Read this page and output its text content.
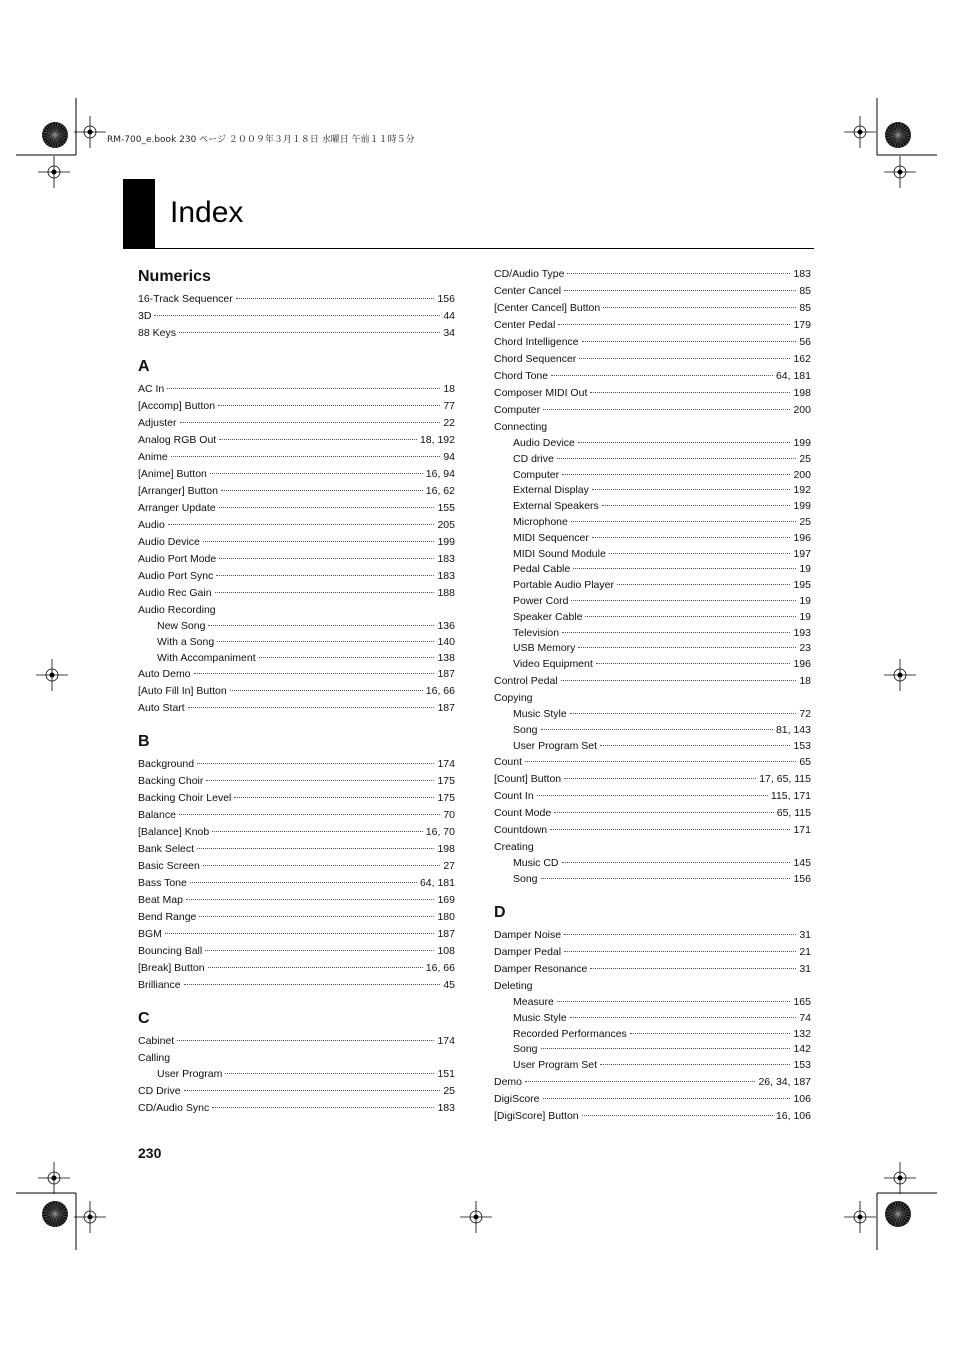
RM-700_e.book 230 ページ ２００９年３月１８日 水曜日 午前１１時５分
Index
Numerics
16-Track Sequencer	156
3D	44
88 Keys	34
A
AC In	18
[Accomp] Button	77
Adjuster	22
Analog RGB Out	18, 192
Anime	94
[Anime] Button	16, 94
[Arranger] Button	16, 62
Arranger Update	155
Audio	205
Audio Device	199
Audio Port Mode	183
Audio Port Sync	183
Audio Rec Gain	188
Audio Recording
New Song	136
With a Song	140
With Accompaniment	138
Auto Demo	187
[Auto Fill In] Button	16, 66
Auto Start	187
B
Background	174
Backing Choir	175
Backing Choir Level	175
Balance	70
[Balance] Knob	16, 70
Bank Select	198
Basic Screen	27
Bass Tone	64, 181
Beat Map	169
Bend Range	180
BGM	187
Bouncing Ball	108
[Break] Button	16, 66
Brilliance	45
C
Cabinet	174
Calling
User Program	151
CD Drive	25
CD/Audio Sync	183
CD/Audio Type	183
Center Cancel	85
[Center Cancel] Button	85
Center Pedal	179
Chord Intelligence	56
Chord Sequencer	162
Chord Tone	64, 181
Composer MIDI Out	198
Computer	200
Connecting
Audio Device	199
CD drive	25
Computer	200
External Display	192
External Speakers	199
Microphone	25
MIDI Sequencer	196
MIDI Sound Module	197
Pedal Cable	19
Portable Audio Player	195
Power Cord	19
Speaker Cable	19
Television	193
USB Memory	23
Video Equipment	196
Control Pedal	18
Copying
Music Style	72
Song	81, 143
User Program Set	153
Count	65
[Count] Button	17, 65, 115
Count In	115, 171
Count Mode	65, 115
Countdown	171
Creating
Music CD	145
Song	156
D
Damper Noise	31
Damper Pedal	21
Damper Resonance	31
Deleting
Measure	165
Music Style	74
Recorded Performances	132
Song	142
User Program Set	153
Demo	26, 34, 187
DigiScore	106
[DigiScore] Button	16, 106
230
